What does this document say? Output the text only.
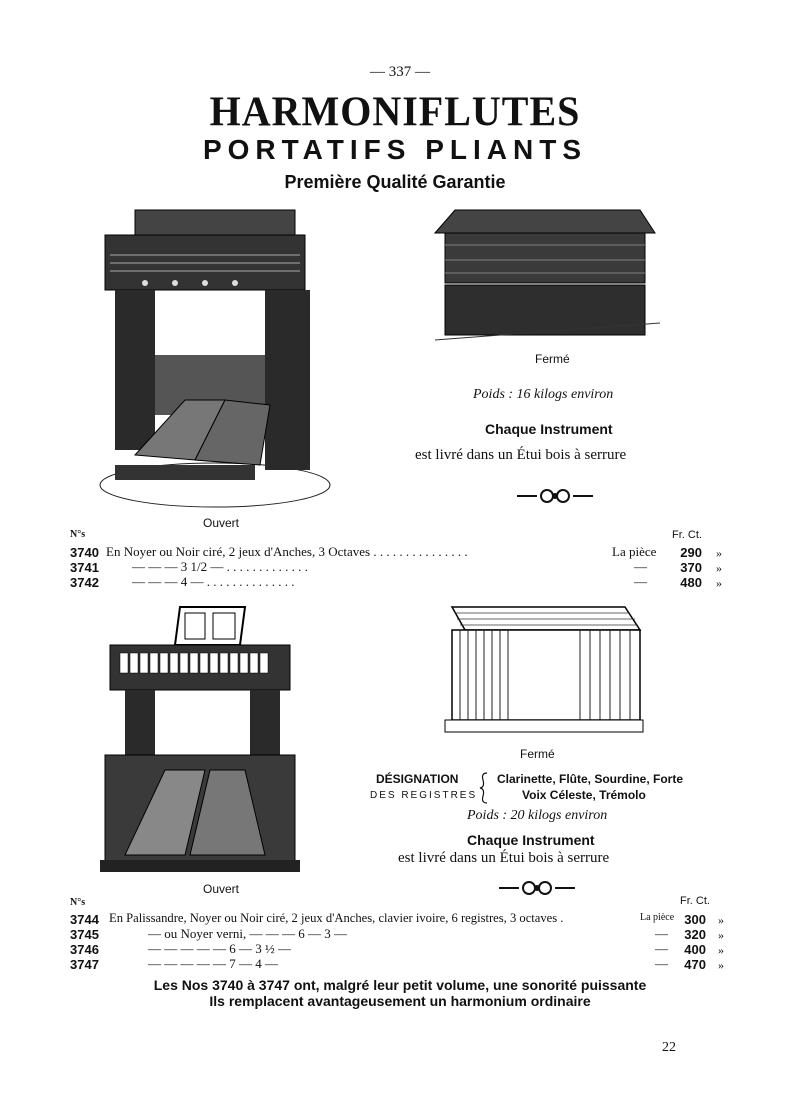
— 337 —
HARMONIFLUTES
PORTATIFS PLIANTS
Première Qualité Garantie
Ouvert
Fermé
Poids : 16 kilogs environ
Chaque Instrument
est livré dans un Étui bois à serrure
N°s	Fr. Ct.
3740 En Noyer ou Noir ciré, 2 jeux d'Anches, 3 Octaves . . . . . . . . . . . . . . .	La pièce	290 »
3741	— — — 3 1/2 — . . . . . . . . . . . . .	—	370 »
3742	— — — 4 — . . . . . . . . . . . . . .	—	480 »
Ouvert
Fermé
DÉSIGNATION
DES REGISTRES
Clarinette, Flûte, Sourdine, Forte
Voix Céleste, Trémolo
Poids : 20 kilogs environ
Chaque Instrument
est livré dans un Étui bois à serrure
N°s	Fr. Ct.
3744 En Palissandre, Noyer ou Noir ciré, 2 jeux d'Anches, clavier ivoire, 6 registres, 3 octaves .	La pièce 300 »
3745	— ou Noyer verni, — — — 6 — 3 —	—	320 »
3746	— — — — — 6 — 3 ½ —	—	400 »
3747	— — — — — 7 — 4 —	—	470 »
Les Nos 3740 à 3747 ont, malgré leur petit volume, une sonorité puissante
Ils remplacent avantageusement un harmonium ordinaire
22
